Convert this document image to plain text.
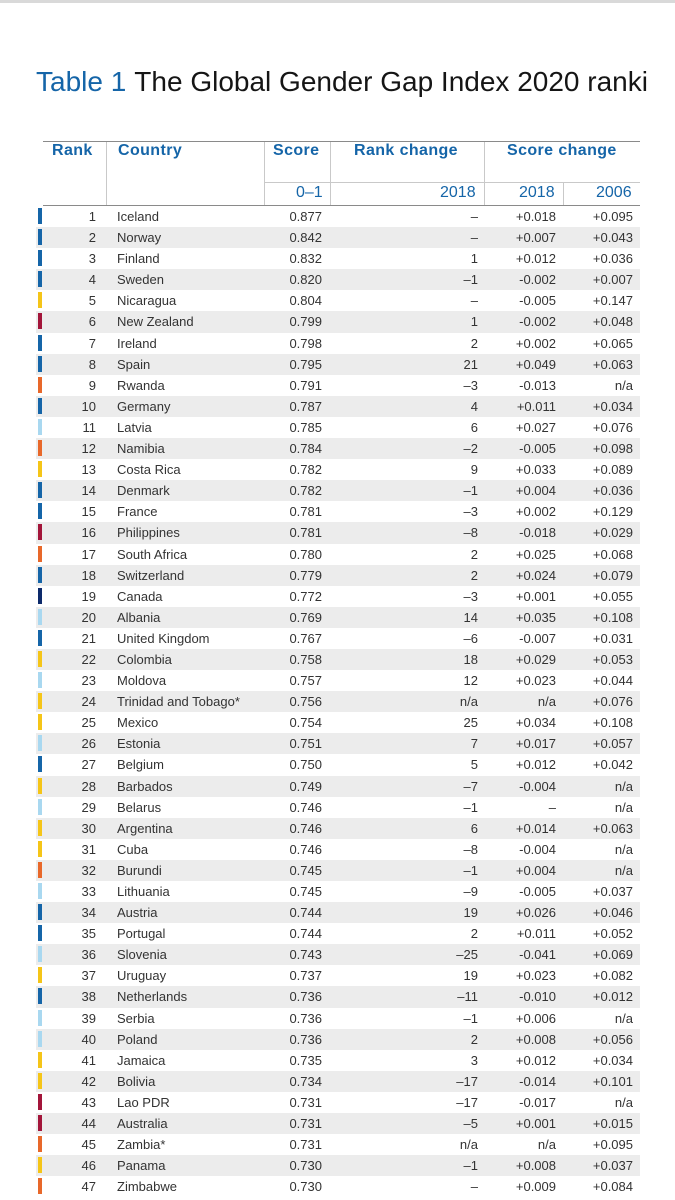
Table 1 The Global Gender Gap Index 2020 ranki
Rank Country	Score Rank change	Score change
0–1	2018	2018	2006
1 Iceland	0.877	–	+0.018	+0.095
2 Norway	0.842	–	+0.007	+0.043
3 Finland	0.832	1	+0.012	+0.036
4 Sweden	0.820	–1	-0.002	+0.007
5 Nicaragua	0.804	–	-0.005	+0.147
6 New Zealand	0.799	1	-0.002	+0.048
7 Ireland	0.798	2	+0.002	+0.065
8 Spain	0.795	21	+0.049	+0.063
9 Rwanda	0.791	–3	-0.013	n/a
10 Germany	0.787	4	+0.011	+0.034
11 Latvia	0.785	6	+0.027	+0.076
12 Namibia	0.784	–2	-0.005	+0.098
13 Costa Rica	0.782	9	+0.033	+0.089
14 Denmark	0.782	–1	+0.004	+0.036
15 France	0.781	–3	+0.002	+0.129
16 Philippines	0.781	–8	-0.018	+0.029
17 South Africa	0.780	2	+0.025	+0.068
18 Switzerland	0.779	2	+0.024	+0.079
19 Canada	0.772	–3	+0.001	+0.055
20 Albania	0.769	14	+0.035	+0.108
21 United Kingdom	0.767	–6	-0.007	+0.031
22 Colombia	0.758	18	+0.029	+0.053
23 Moldova	0.757	12	+0.023	+0.044
24 Trinidad and Tobago*	0.756	n/a	n/a	+0.076
25 Mexico	0.754	25	+0.034	+0.108
26 Estonia	0.751	7	+0.017	+0.057
27 Belgium	0.750	5	+0.012	+0.042
28 Barbados	0.749	–7	-0.004	n/a
29 Belarus	0.746	–1	–	n/a
30 Argentina	0.746	6	+0.014	+0.063
31 Cuba	0.746	–8	-0.004	n/a
32 Burundi	0.745	–1	+0.004	n/a
33 Lithuania	0.745	–9	-0.005	+0.037
34 Austria	0.744	19	+0.026	+0.046
35 Portugal	0.744	2	+0.011	+0.052
36 Slovenia	0.743	–25	-0.041	+0.069
37 Uruguay	0.737	19	+0.023	+0.082
38 Netherlands	0.736	–11	-0.010	+0.012
39 Serbia	0.736	–1	+0.006	n/a
40 Poland	0.736	2	+0.008	+0.056
41 Jamaica	0.735	3	+0.012	+0.034
42 Bolivia	0.734	–17	-0.014	+0.101
43 Lao PDR	0.731	–17	-0.017	n/a
44 Australia	0.731	–5	+0.001	+0.015
45 Zambia*	0.731	n/a	n/a	+0.095
46 Panama	0.730	–1	+0.008	+0.037
47 Zimbabwe	0.730	–	+0.009	+0.084
